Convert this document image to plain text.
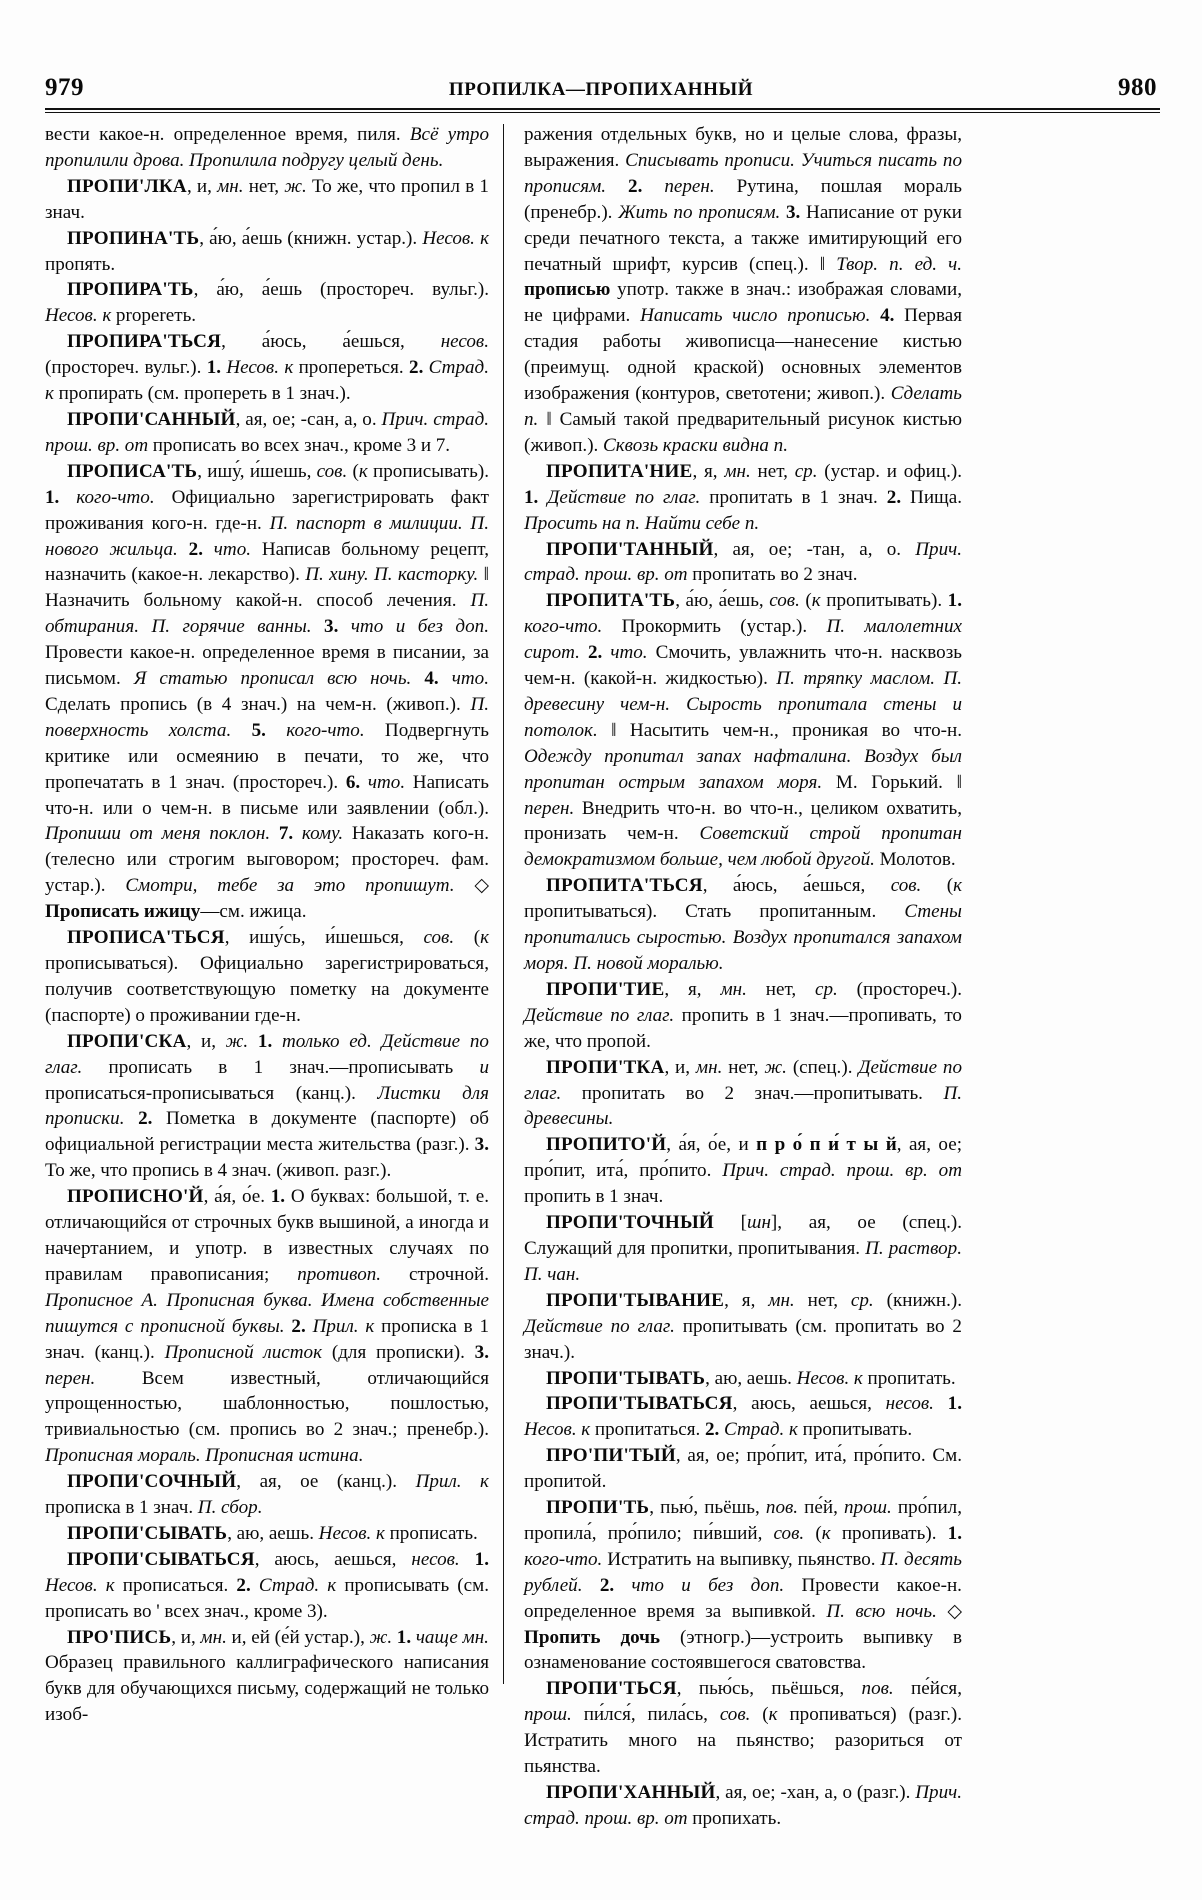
979	ПРОПИЛКА—ПРОПИХАННЫЙ	980

вести какое-н. определенное время, пиля. Всё утро пропилили дрова. Пропилила подругу целый день.

ПРОПИ'ЛКА, и, мн. нет, ж. То же, что пропил в 1 знач.

ПРОПИНА'ТЬ, а́ю, а́ешь (книжн. устар.). Несов. к пропять.

ПРОПИРА'ТЬ, а́ю, а́ешь (простореч. вульг.). Несов. к propereть.

ПРОПИРА'ТЬСЯ, а́юсь, а́ешься, несов. (простореч. вульг.). 1. Несов. к пропереться. 2. Страд. к пропирать (см. пропереть в 1 знач.).

ПРОПИ'САННЫЙ, ая, ое; -сан, а, о. Прич. страд. прош. вр. от прописать во всех знач., кроме 3 и 7.

ПРОПИСА'ТЬ, ишу́, и́шешь, сов. (к прописывать). 1. кого-что. Официально зарегистрировать факт проживания кого-н. где-н. П. паспорт в милиции. П. нового жильца. 2. что. Написав больному рецепт, назначить (какое-н. лекарство). П. хину. П. касторку. ‖ Назначить больному какой-н. способ лечения. П. обтирания. П. горячие ванны. 3. что и без доп. Провести какое-н. определенное время в писании, за письмом. Я статью прописал всю ночь. 4. что. Сделать пропись (в 4 знач.) на чем-н. (живоп.). П. поверхность холста. 5. кого-что. Подвергнуть критике или осмеянию в печати, то же, что пропечатать в 1 знач. (простореч.). 6. что. Написать что-н. или о чем-н. в письме или заявлении (обл.). Пропиши от меня поклон. 7. кому. Наказать кого-н. (телесно или строгим выговором; простореч. фам. устар.). Смотри, тебе за это пропишут. ◇ Прописать ижицу—см. ижица.

ПРОПИСА'ТЬСЯ, ишу́сь, и́шешься, сов. (к прописываться). Официально зарегистрироваться, получив соответствующую пометку на документе (паспорте) о проживании где-н.

ПРОПИ'СКА, и, ж. 1. только ед. Действие по глаг. прописать в 1 знач.—прописывать и прописаться-прописываться (канц.). Листки для прописки. 2. Пометка в документе (паспорте) об официальной регистрации места жительства (разг.). 3. То же, что пропись в 4 знач. (живоп. разг.).

ПРОПИСНО'Й, а́я, о́е. 1. О буквах: большой, т. е. отличающийся от строчных букв вышиной, а иногда и начертанием, и употр. в известных случаях по правилам правописания; противоп. строчной. Прописное А. Прописная буква. Имена собственные пишутся с прописной буквы. 2. Прил. к прописка в 1 знач. (канц.). Прописной листок (для прописки). 3. перен. Всем известный, отличающийся упрощенностью, шаблонностью, пошлостью, тривиальностью (см. пропись во 2 знач.; пренебр.). Прописная мораль. Прописная истина.

ПРОПИ'СОЧНЫЙ, ая, ое (канц.). Прил. к прописка в 1 знач. П. сбор.

ПРОПИ'СЫВАТЬ, аю, аешь. Несов. к прописать.

ПРОПИ'СЫВАТЬСЯ, аюсь, аешься, несов. 1. Несов. к прописаться. 2. Страд. к прописывать (см. прописать во ' всех знач., кроме 3).

ПРО'ПИСЬ, и, мн. и, ей (е́й устар.), ж. 1. чаще мн. Образец правильного каллиграфического написания букв для обучающихся письму, содержащий не только изоб-

ражения отдельных букв, но и целые слова, фразы, выражения. Списывать прописи. Учиться писать по прописям. 2. перен. Рутина, пошлая мораль (пренебр.). Жить по прописям. 3. Написание от руки среди печатного текста, а также имитирующий его печатный шрифт, курсив (спец.). ‖ Твор. п. ед. ч. прописью употр. также в знач.: изображая словами, не цифрами. Написать число прописью. 4. Первая стадия работы живописца—нанесение кистью (преимущ. одной краской) основных элементов изображения (контуров, светотени; живоп.). Сделать п. ‖ Самый такой предварительный рисунок кистью (живоп.). Сквозь краски видна п.

ПРОПИТА'НИЕ, я, мн. нет, ср. (устар. и офиц.). 1. Действие по глаг. пропитать в 1 знач. 2. Пища. Просить на п. Найти себе п.

ПРОПИ'ТАННЫЙ, ая, ое; -тан, а, о. Прич. страд. прош. вр. от пропитать во 2 знач.

ПРОПИТА'ТЬ, а́ю, а́ешь, сов. (к пропитывать). 1. кого-что. Прокормить (устар.). П. малолетних сирот. 2. что. Смочить, увлажнить что-н. насквозь чем-н. (какой-н. жидкостью). П. тряпку маслом. П. древесину чем-н. Сырость пропитала стены и потолок. ‖ Насытить чем-н., проникая во что-н. Одежду пропитал запах нафталина. Воздух был пропитан острым запахом моря. М. Горький. ‖ перен. Внедрить что-н. во что-н., целиком охватить, пронизать чем-н. Советский строй пропитан демократизмом больше, чем любой другой. Молотов.

ПРОПИТА'ТЬСЯ, а́юсь, а́ешься, сов. (к пропитываться). Стать пропитанным. Стены пропитались сыростью. Воздух пропитался запахом моря. П. новой моралью.

ПРОПИ'ТИЕ, я, мн. нет, ср. (простореч.). Действие по глаг. пропить в 1 знач.—пропивать, то же, что пропой.

ПРОПИ'ТКА, и, мн. нет, ж. (спец.). Действие по глаг. пропитать во 2 знач.—пропитывать. П. древесины.

ПРОПИТО'Й, а́я, о́е, и п р о́ п и́ т ы й, ая, ое; про́пит, ита́, про́пито. Прич. страд. прош. вр. от пропить в 1 знач.

ПРОПИ'ТОЧНЫЙ [шн], ая, ое (спец.). Служащий для пропитки, пропитывания. П. раствор. П. чан.

ПРОПИ'ТЫВАНИЕ, я, мн. нет, ср. (книжн.). Действие по глаг. пропитывать (см. пропитать во 2 знач.).

ПРОПИ'ТЫВАТЬ, аю, аешь. Несов. к пропитать.

ПРОПИ'ТЫВАТЬСЯ, аюсь, аешься, несов. 1. Несов. к пропитаться. 2. Страд. к пропитывать.

ПРО'ПИ'ТЫЙ, ая, ое; про́пит, ита́, про́пито. См. пропитой.

ПРОПИ'ТЬ, пью́, пьёшь, пов. пе́й, прош. про́пил, пропила́, про́пило; пи́вший, сов. (к пропивать). 1. кого-что. Истратить на выпивку, пьянство. П. десять рублей. 2. что и без доп. Провести какое-н. определенное время за выпивкой. П. всю ночь. ◇ Пропить дочь (этногр.)—устроить выпивку в ознаменование состоявшегося сватовства.

ПРОПИ'ТЬСЯ, пью́сь, пьёшься, пов. пе́йся, прош. пи́лся́, пила́сь, сов. (к пропиваться) (разг.). Истратить много на пьянство; разориться от пьянства.

ПРОПИ'ХАННЫЙ, ая, ое; -хан, а, о (разг.). Прич. страд. прош. вр. от пропихать.
